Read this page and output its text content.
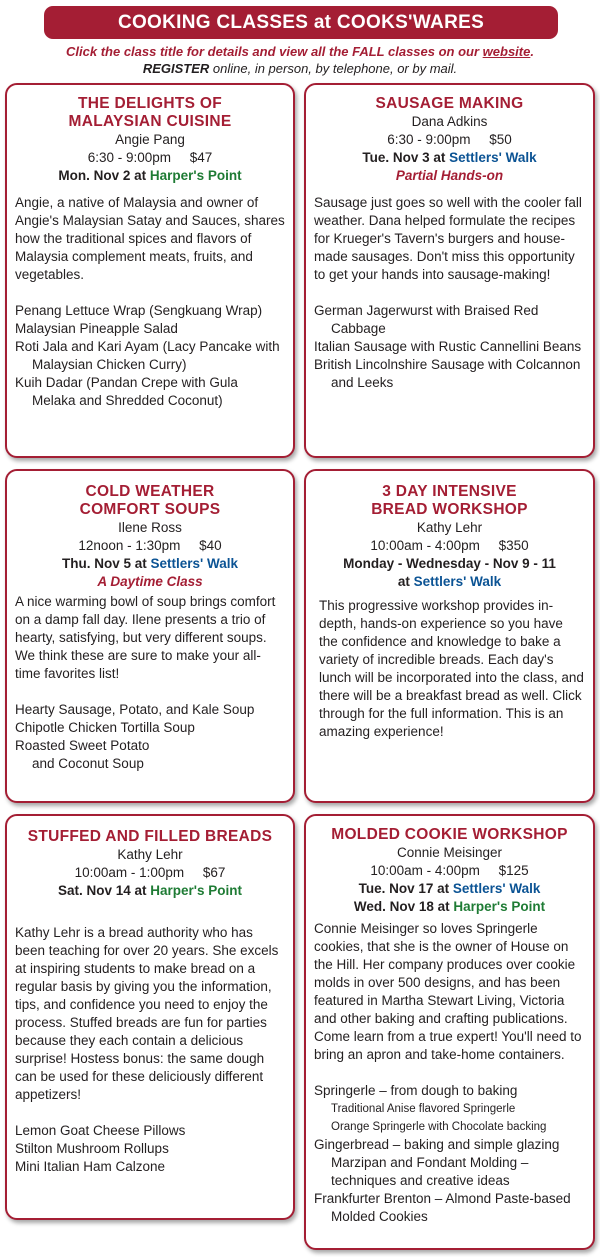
COOKING CLASSES at COOKS'WARES
Click the class title for details and view all the FALL classes on our website.
REGISTER online, in person, by telephone, or by mail.
THE DELIGHTS OF
MALAYSIAN CUISINE
Angie Pang
6:30 - 9:00pm     $47
Mon. Nov 2 at Harper's Point
Angie, a native of Malaysia and owner of Angie's Malaysian Satay and Sauces, shares how the traditional spices and flavors of Malaysia complement meats, fruits, and vegetables.
Penang Lettuce Wrap (Sengkuang Wrap)
Malaysian Pineapple Salad
Roti Jala and Kari Ayam (Lacy Pancake with Malaysian Chicken Curry)
Kuih Dadar (Pandan Crepe with Gula Melaka and Shredded Coconut)
SAUSAGE MAKING
Dana Adkins
6:30 - 9:00pm     $50
Tue. Nov 3 at Settlers' Walk
Partial Hands-on
Sausage just goes so well with the cooler fall weather. Dana helped formulate the recipes for Krueger's Tavern's burgers and house-made sausages. Don't miss this opportunity to get your hands into sausage-making!
German Jagerwurst with Braised Red Cabbage
Italian Sausage with Rustic Cannellini Beans
British Lincolnshire Sausage with Colcannon and Leeks
COLD WEATHER
COMFORT SOUPS
Ilene Ross
12noon - 1:30pm     $40
Thu. Nov 5 at Settlers' Walk
A Daytime Class
A nice warming bowl of soup brings comfort on a damp fall day. Ilene presents a trio of hearty, satisfying, but very different soups. We think these are sure to make your all-time favorites list!
Hearty Sausage, Potato, and Kale Soup
Chipotle Chicken Tortilla Soup
Roasted Sweet Potato and Coconut Soup
3 DAY INTENSIVE
BREAD WORKSHOP
Kathy Lehr
10:00am - 4:00pm     $350
Monday - Wednesday - Nov 9 - 11
at Settlers' Walk
This progressive workshop provides in-depth, hands-on experience so you have the confidence and knowledge to bake a variety of incredible breads. Each day's lunch will be incorporated into the class, and there will be a breakfast bread as well. Click through for the full information. This is an amazing experience!
STUFFED AND FILLED BREADS
Kathy Lehr
10:00am - 1:00pm     $67
Sat. Nov 14 at Harper's Point
Kathy Lehr is a bread authority who has been teaching for over 20 years. She excels at inspiring students to make bread on a regular basis by giving you the information, tips, and confidence you need to enjoy the process. Stuffed breads are fun for parties because they each contain a delicious surprise! Hostess bonus: the same dough can be used for these deliciously different appetizers!
Lemon Goat Cheese Pillows
Stilton Mushroom Rollups
Mini Italian Ham Calzone
MOLDED COOKIE WORKSHOP
Connie Meisinger
10:00am - 4:00pm     $125
Tue. Nov 17 at Settlers' Walk
Wed. Nov 18 at Harper's Point
Connie Meisinger so loves Springerle cookies, that she is the owner of House on the Hill. Her company produces over cookie molds in over 500 designs, and has been featured in Martha Stewart Living, Victoria and other baking and crafting publications. Come learn from a true expert! You'll need to bring an apron and take-home containers.
Springerle – from dough to baking
Traditional Anise flavored Springerle
Orange Springerle with Chocolate backing
Gingerbread – baking and simple glazing Marzipan and Fondant Molding – techniques and creative ideas
Frankfurter Brenton – Almond Paste-based Molded Cookies
